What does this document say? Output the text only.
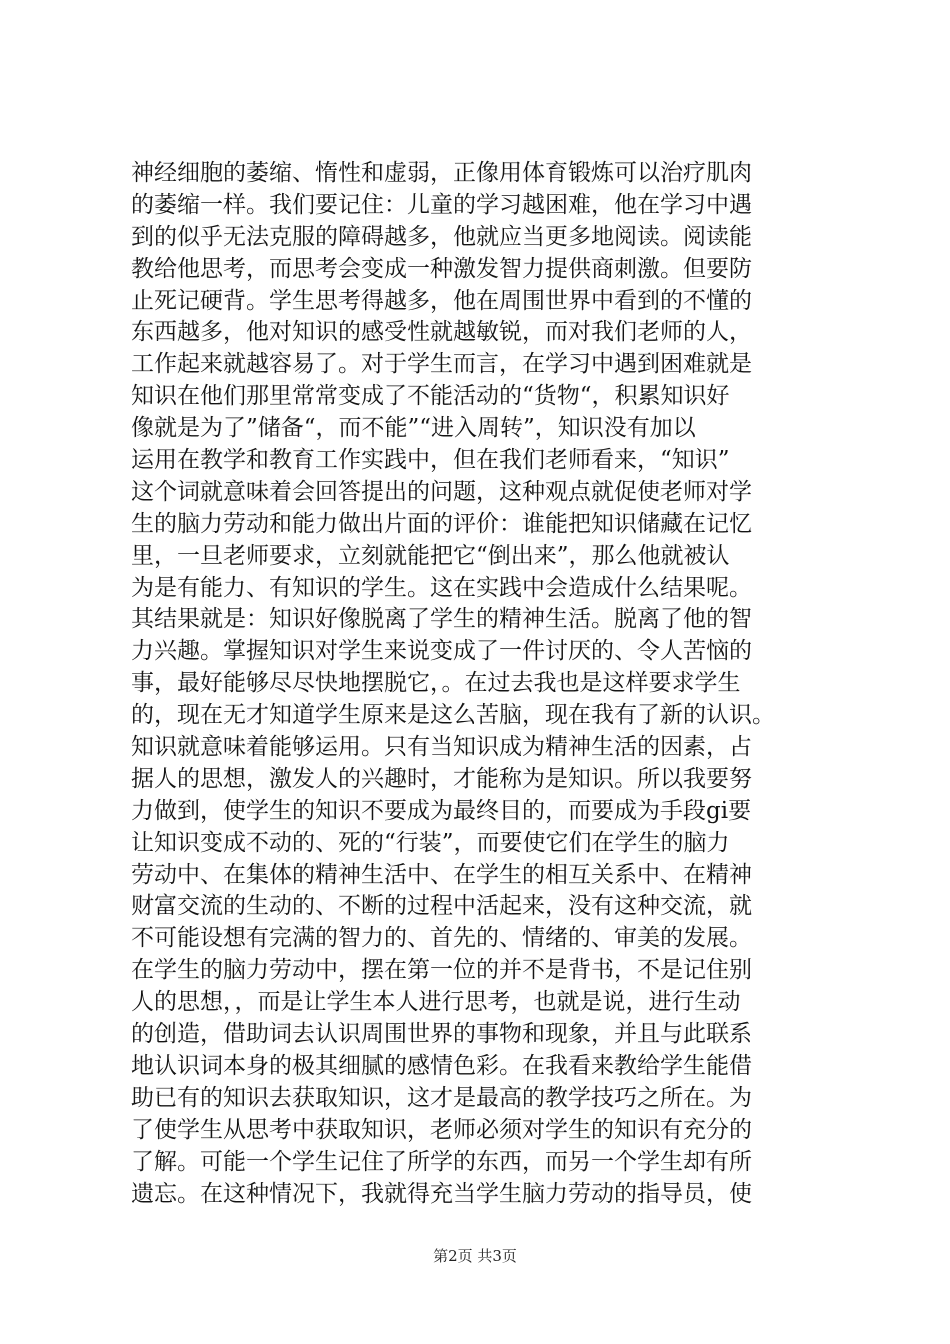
神经细胞的萎缩、惰性和虚弱，正像用体育锻炼可以治疗肌肉
的萎缩一样。我们要记住：儿童的学习越困难，他在学习中遇
到的似乎无法克服的障碍越多，他就应当更多地阅读。阅读能
教给他思考，而思考会变成一种激发智力提供商刺激。但要防
止死记硬背。学生思考得越多，他在周围世界中看到的不懂的
东西越多，他对知识的感受性就越敏锐，而对我们老师的人，
工作起来就越容易了。对于学生而言，在学习中遇到困难就是
知识在他们那里常常变成了不能活动的“货物“，积累知识好
像就是为了”储备“，而不能”“进入周转”，知识没有加以
运用在教学和教育工作实践中，但在我们老师看来，“知识”
这个词就意味着会回答提出的问题，这种观点就促使老师对学
生的脑力劳动和能力做出片面的评价：谁能把知识储藏在记忆
里，一旦老师要求，立刻就能把它“倒出来”，那么他就被认
为是有能力、有知识的学生。这在实践中会造成什么结果呢。
其结果就是：知识好像脱离了学生的精神生活。脱离了他的智
力兴趣。掌握知识对学生来说变成了一件讨厌的、令人苦恼的
事，最好能够尽尽快地摆脱它，。在过去我也是这样要求学生
的，现在无才知道学生原来是这么苦脑，现在我有了新的认识。
知识就意味着能够运用。只有当知识成为精神生活的因素，占
据人的思想，激发人的兴趣时，才能称为是知识。所以我要努
力做到，使学生的知识不要成为最终目的，而要成为手段gi要
让知识变成不动的、死的“行装”，而要使它们在学生的脑力
劳动中、在集体的精神生活中、在学生的相互关系中、在精神
财富交流的生动的、不断的过程中活起来，没有这种交流，就
不可能设想有完满的智力的、首先的、情绪的、审美的发展。
在学生的脑力劳动中，摆在第一位的并不是背书，不是记住别
人的思想，，而是让学生本人进行思考，也就是说，进行生动
的创造，借助词去认识周围世界的事物和现象，并且与此联系
地认识词本身的极其细腻的感情色彩。在我看来教给学生能借
助已有的知识去获取知识，这才是最高的教学技巧之所在。为
了使学生从思考中获取知识，老师必须对学生的知识有充分的
了解。可能一个学生记住了所学的东西，而另一个学生却有所
遗忘。在这种情况下，我就得充当学生脑力劳动的指导员，使
第2页 共3页
